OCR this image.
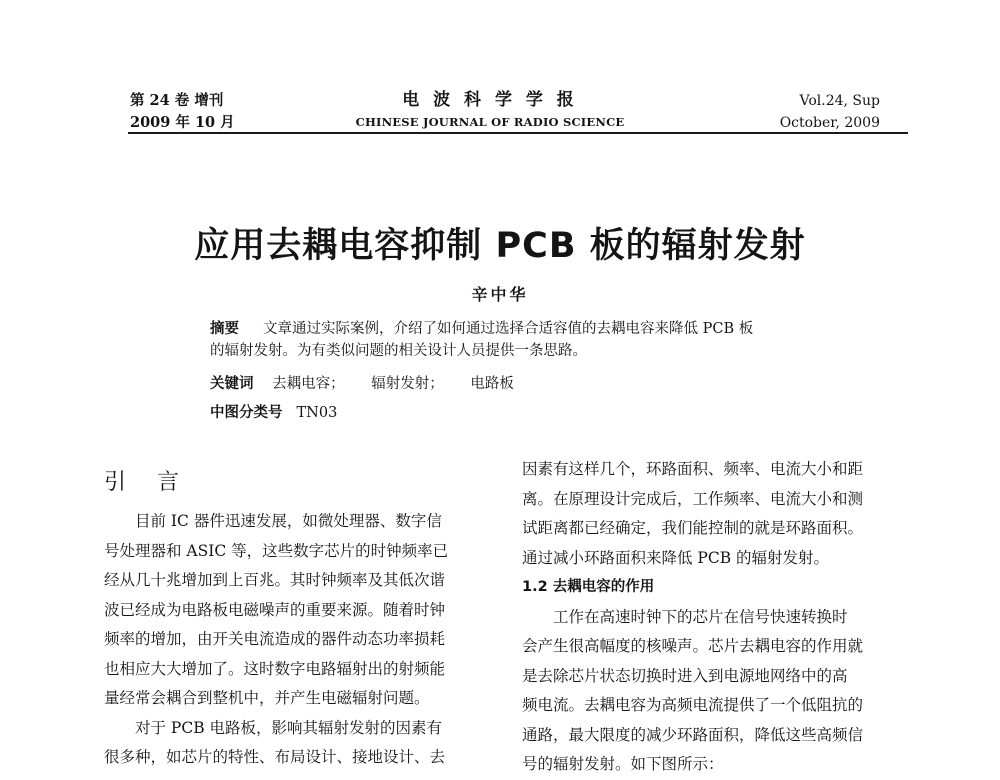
第 24 卷 增刊
2009 年 10 月
电 波 科 学 学 报
CHINESE JOURNAL OF RADIO SCIENCE
Vol.24, Sup
October, 2009
应用去耦电容抑制 PCB 板的辐射发射
辛中华
摘要 文章通过实际案例，介绍了如何通过选择合适容值的去耦电容来降低 PCB 板
的辐射发射。为有类似问题的相关设计人员提供一条思路。
关键词 去耦电容； 辐射发射； 电路板
中图分类号 TN03
引 言

目前 IC 器件迅速发展，如微处理器、数字信

号处理器和 ASIC 等，这些数字芯片的时钟频率已

经从几十兆增加到上百兆。其时钟频率及其低次谐

波已经成为电路板电磁噪声的重要来源。随着时钟

频率的增加，由开关电流造成的器件动态功率损耗

也相应大大增加了。这时数字电路辐射出的射频能

量经常会耦合到整机中，并产生电磁辐射问题。

对于 PCB 电路板，影响其辐射发射的因素有

很多种，如芯片的特性、布局设计、接地设计、去

因素有这样几个，环路面积、频率、电流大小和距

离。在原理设计完成后，工作频率、电流大小和测

试距离都已经确定，我们能控制的就是环路面积。

通过减小环路面积来降低 PCB 的辐射发射。

1.2 去耦电容的作用

工作在高速时钟下的芯片在信号快速转换时

会产生很高幅度的核噪声。芯片去耦电容的作用就

是去除芯片状态切换时进入到电源地网络中的高

频电流。去耦电容为高频电流提供了一个低阻抗的

通路，最大限度的减少环路面积，降低这些高频信

号的辐射发射。如下图所示：
